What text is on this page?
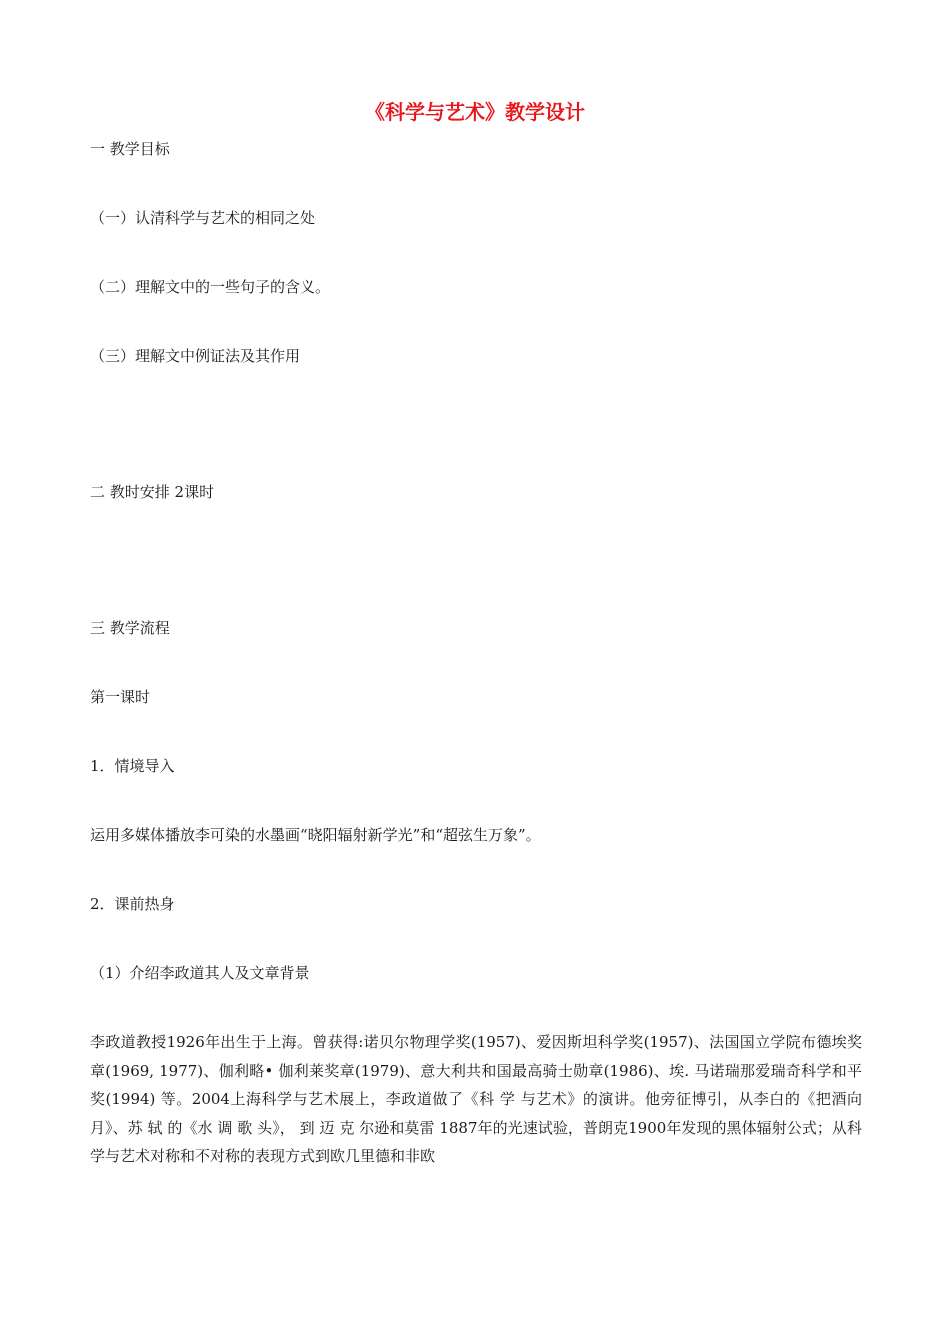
《科学与艺术》教学设计
一 教学目标
（一）认清科学与艺术的相同之处
（二）理解文中的一些句子的含义。
（三）理解文中例证法及其作用
二 教时安排 2课时
三 教学流程
第一课时
1．情境导入
运用多媒体播放李可染的水墨画“晓阳辐射新学光”和“超弦生万象”。
2．课前热身
（1）介绍李政道其人及文章背景
李政道教授1926年出生于上海。曾获得:诺贝尔物理学奖(1957)、爱因斯坦科学奖(1957)、法国国立学院布德埃奖章(1969, 1977)、伽利略• 伽利莱奖章(1979)、意大利共和国最高骑士勋章(1986)、埃. 马诺瑞那爱瑞奇科学和平奖(1994) 等。2004上海科学与艺术展上，李政道做了《科 学 与艺术》的演讲。他旁征博引，从李白的《把酒向月》、苏 轼 的《水 调 歌 头》， 到 迈 克 尔逊和莫雷 1887年的光速试验，普朗克1900年发现的黑体辐射公式；从科学与艺术对称和不对称的表现方式到欧几里德和非欧
